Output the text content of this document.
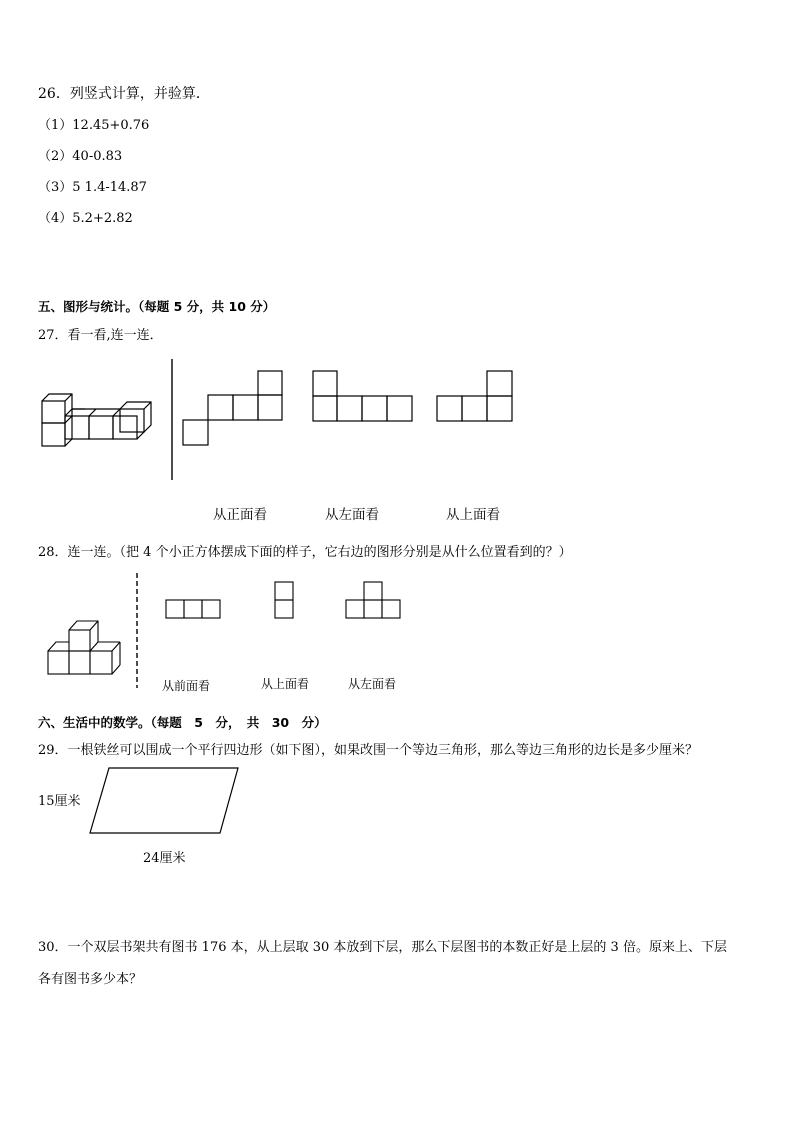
26．列竖式计算，并验算．
（1）12.45+0.76
（2）40-0.83
（3）5 1.4-14.87
（4）5.2+2.82
五、图形与统计。（每题 5 分，共 10 分）
27．看一看,连一连．
从正面看	从左面看	从上面看
28．连一连。（把 4 个小正方体摆成下面的样子，它右边的图形分别是从什么位置看到的？）
从前面看	从上面看	从左面看
六、生活中的数学。（每题　5　分，　共　30　分）
29．一根铁丝可以围成一个平行四边形（如下图），如果改围一个等边三角形，那么等边三角形的边长是多少厘米？
15厘米
24厘米
30．一个双层书架共有图书 176 本，从上层取 30 本放到下层，那么下层图书的本数正好是上层的 3 倍。原来上、下层
各有图书多少本？
